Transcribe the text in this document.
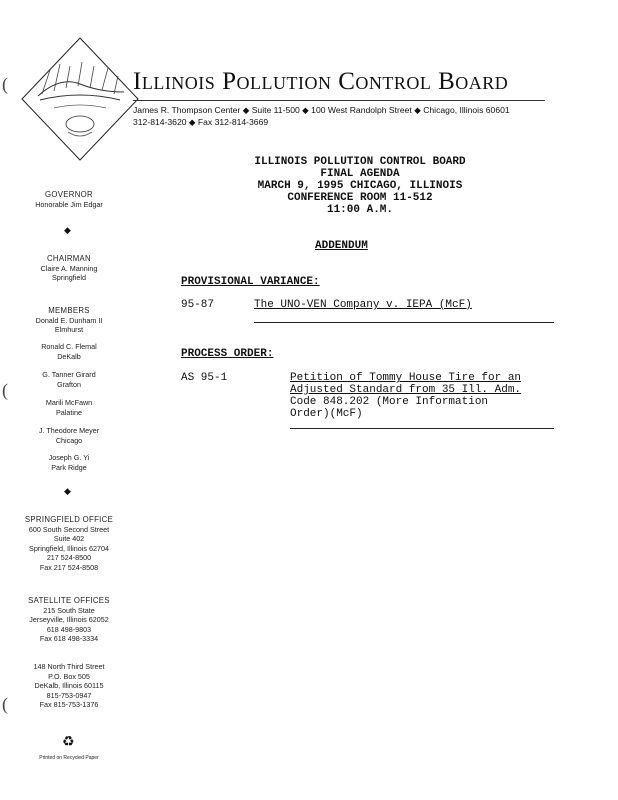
Illinois Pollution Control Board
James R. Thompson Center ◆ Suite 11-500 ◆ 100 West Randolph Street ◆ Chicago, Illinois 60601
312-814-3620 ◆ Fax 312-814-3669
GOVERNOR
Honorable Jim Edgar
◆
CHAIRMAN
Claire A. Manning
Springfield
MEMBERS
Donald E. Dunham II
Elmhurst
Ronald C. Flemal
DeKalb
G. Tanner Girard
Grafton
Marili McFawn
Palatine
J. Theodore Meyer
Chicago
Joseph G. Yi
Park Ridge
◆
SPRINGFIELD OFFICE
600 South Second Street
Suite 402
Springfield, Illinois 62704
217 524-8500
Fax 217 524-8508
SATELLITE OFFICES
215 South State
Jerseyville, Illinois 62052
618 498-9803
Fax 618 498-3334
148 North Third Street
P.O. Box 505
DeKalb, Illinois 60115
815-753-0947
Fax 815-753-1376
♻
Printed on Recycled Paper
(
(
(
ILLINOIS POLLUTION CONTROL BOARD
FINAL AGENDA
MARCH 9, 1995 CHICAGO, ILLINOIS
CONFERENCE ROOM 11-512
11:00 A.M.
ADDENDUM
PROVISIONAL VARIANCE:
95-87	The UNO-VEN Company v. IEPA (McF)
PROCESS ORDER:
AS 95-1	Petition of Tommy House Tire for an
Adjusted Standard from 35 Ill. Adm.
Code 848.202 (More Information
Order)(McF)
